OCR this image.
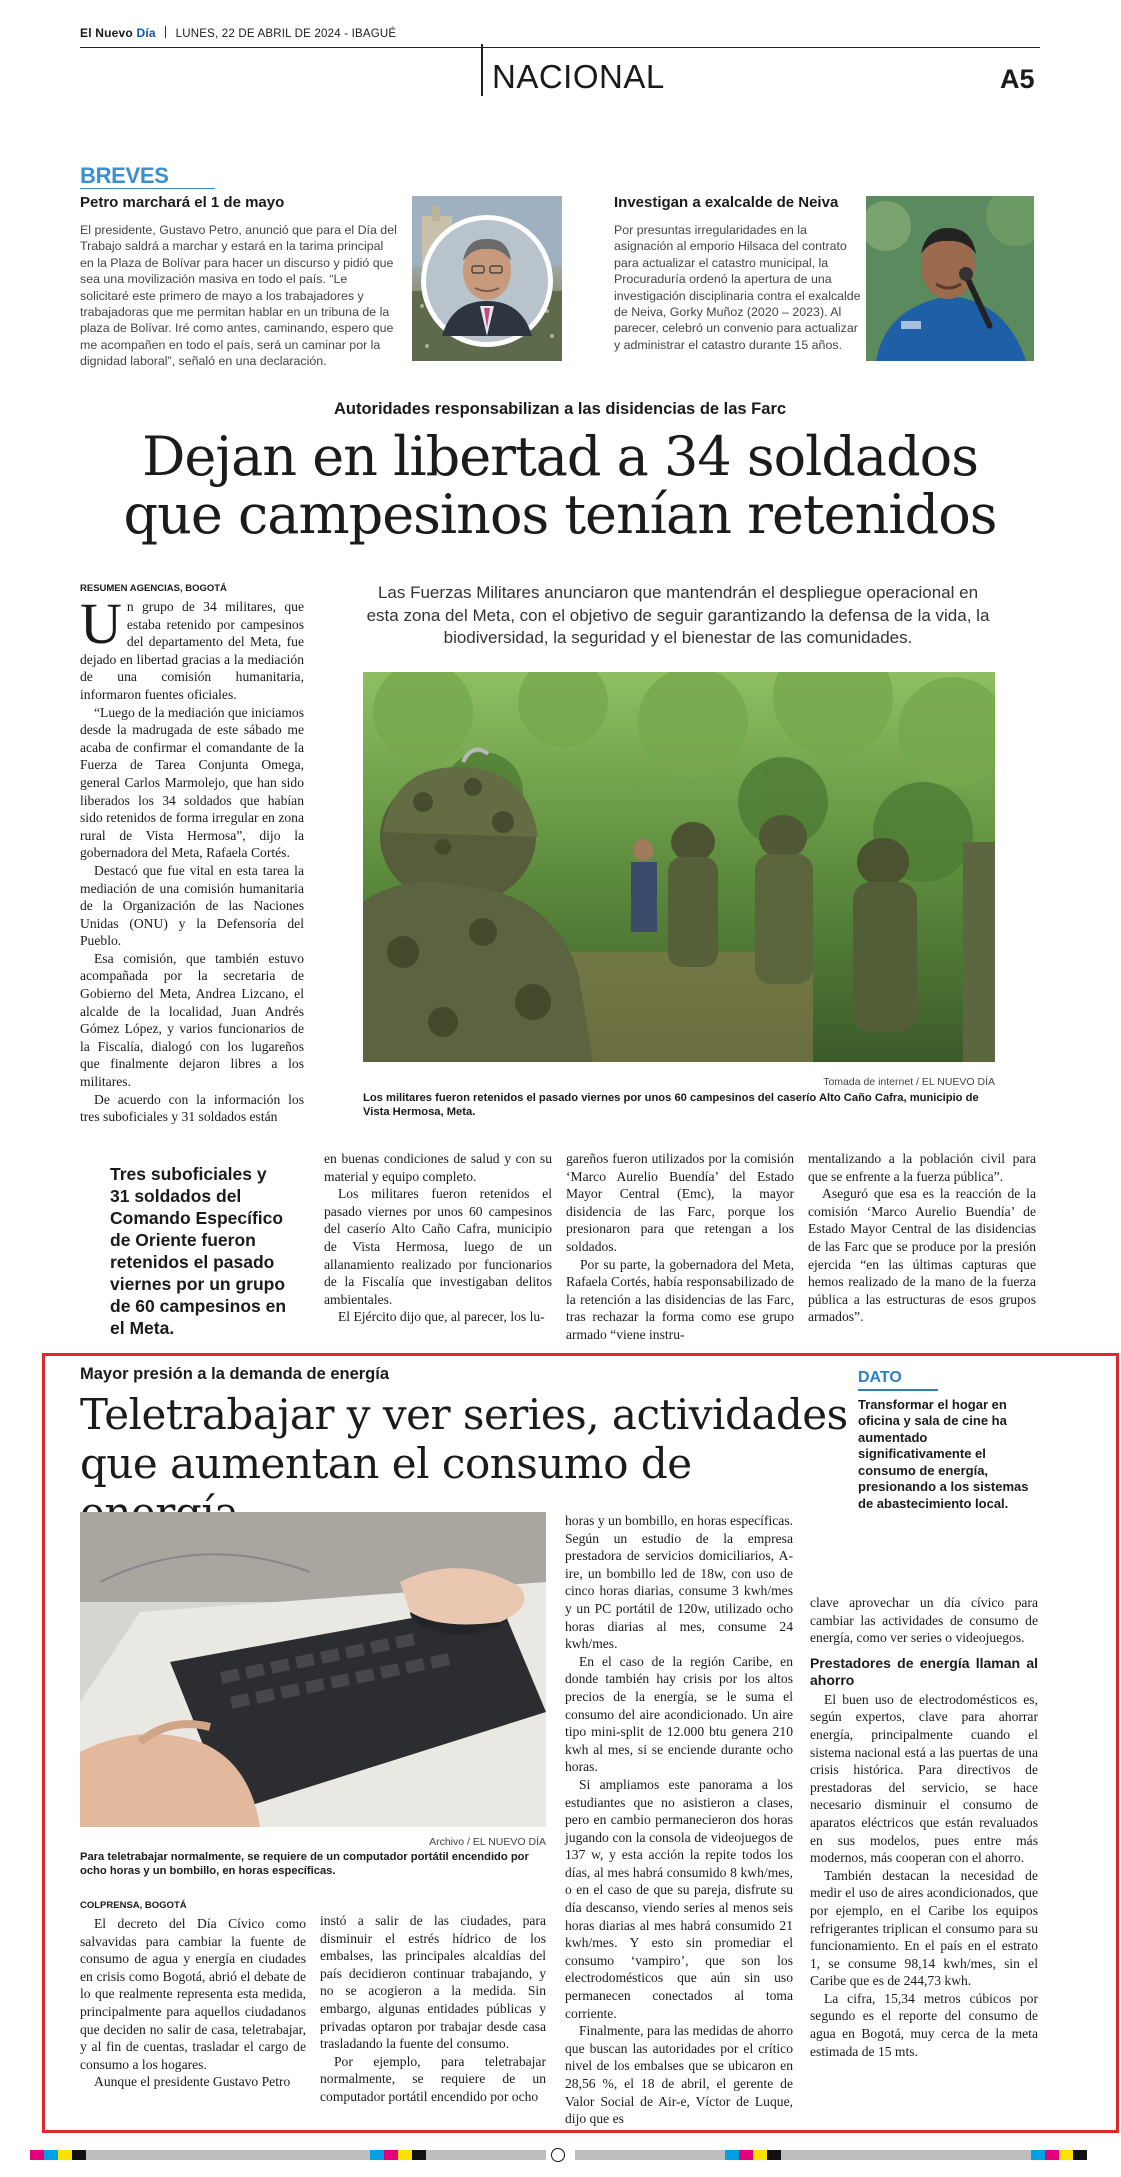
El Nuevo Día LUNES, 22 DE ABRIL DE 2024 - IBAGUÉ
NACIONAL	A5
BREVES
Petro marchará el 1 de mayo
El presidente, Gustavo Petro, anunció que para el Día del Trabajo saldrá a marchar y estará en la tarima principal en la Plaza de Bolívar para hacer un discurso y pidió que sea una movilización masiva en todo el país. “Le solicitaré este primero de mayo a los trabajadores y trabajadoras que me permitan hablar en un tribuna de la plaza de Bolívar. Iré como antes, caminando, espero que me acompañen en todo el país, será un caminar por la dignidad laboral”, señaló en una declaración.
Investigan a exalcalde de Neiva
Por presuntas irregularidades en la asignación al emporio Hilsaca del contrato para actualizar el catastro municipal, la Procuraduría ordenó la apertura de una investigación disciplinaria contra el exalcalde de Neiva, Gorky Muñoz (2020 – 2023). Al parecer, celebró un convenio para actualizar y administrar el catastro durante 15 años.
Autoridades responsabilizan a las disidencias de las Farc
Dejan en libertad a 34 soldados
que campesinos tenían retenidos
RESUMEN AGENCIAS, BOGOTÁ

Un grupo de 34 militares, que estaba retenido por campesinos del departamento del Meta, fue dejado en libertad gracias a la mediación de una comisión humanitaria, informaron fuentes oficiales.

“Luego de la mediación que iniciamos desde la madrugada de este sábado me acaba de confirmar el comandante de la Fuerza de Tarea Conjunta Omega, general Carlos Marmolejo, que han sido liberados los 34 soldados que habían sido retenidos de forma irregular en zona rural de Vista Hermosa”, dijo la gobernadora del Meta, Rafaela Cortés.

Destacó que fue vital en esta tarea la mediación de una comisión humanitaria de la Organización de las Naciones Unidas (ONU) y la Defensoría del Pueblo.

Esa comisión, que también estuvo acompañada por la secretaria de Gobierno del Meta, Andrea Lizcano, el alcalde de la localidad, Juan Andrés Gómez López, y varios funcionarios de la Fiscalía, dialogó con los lugareños que finalmente dejaron libres a los militares.

De acuerdo con la información los tres suboficiales y 31 soldados están

Las Fuerzas Militares anunciaron que mantendrán el despliegue operacional en esta zona del Meta, con el objetivo de seguir garantizando la defensa de la vida, la biodiversidad, la seguridad y el bienestar de las comunidades.
Tomada de internet / EL NUEVO DÍA
Los militares fueron retenidos el pasado viernes por unos 60 campesinos del caserío Alto Caño Cafra, municipio de Vista Hermosa, Meta.
Tres suboficiales y 31 soldados del Comando Específico de Oriente fueron retenidos el pasado viernes por un grupo de 60 campesinos en el Meta.

en buenas condiciones de salud y con su material y equipo completo.

Los militares fueron retenidos el pasado viernes por unos 60 campesinos del caserío Alto Caño Cafra, municipio de Vista Hermosa, luego de un allanamiento realizado por funcionarios de la Fiscalía que investigaban delitos ambientales.

El Ejército dijo que, al parecer, los lu-

gareños fueron utilizados por la comisión ‘Marco Aurelio Buendía’ del Estado Mayor Central (Emc), la mayor disidencia de las Farc, porque los presionaron para que retengan a los soldados.

Por su parte, la gobernadora del Meta, Rafaela Cortés, había responsabilizado de la retención a las disidencias de las Farc, tras rechazar la forma como ese grupo armado “viene instru-

mentalizando a la población civil para que se enfrente a la fuerza pública”.

Aseguró que esa es la reacción de la comisión ‘Marco Aurelio Buendía’ de Estado Mayor Central de las disidencias de las Farc que se produce por la presión ejercida “en las últimas capturas que hemos realizado de la mano de la fuerza pública a las estructuras de esos grupos armados”.

Mayor presión a la demanda de energía
Teletrabajar y ver series, actividades
que aumentan el consumo de
DATO
Transformar el hogar en oficina y sala de cine ha aumentado significativamente el consumo de energía, presionando a los sistemas de abastecimiento local.
Archivo / EL NUEVO DÍA
Para teletrabajar normalmente, se requiere de un computador portátil encendido por ocho horas y un bombillo, en horas específicas.
COLPRENSA, BOGOTÁ

El decreto del Día Cívico como salvavidas para cambiar la fuente de consumo de agua y energía en ciudades en crisis como Bogotá, abrió el debate de lo que realmente representa esta medida, principalmente para aquellos ciudadanos que deciden no salir de casa, teletrabajar, y al fin de cuentas, trasladar el cargo de consumo a los hogares.

Aunque el presidente Gustavo Petro

instó a salir de las ciudades, para disminuir el estrés hídrico de los embalses, las principales alcaldías del país decidieron continuar trabajando, y no se acogieron a la medida. Sin embargo, algunas entidades públicas y privadas optaron por trabajar desde casa trasladando la fuente del consumo.

Por ejemplo, para teletrabajar normalmente, se requiere de un computador portátil encendido por ocho

horas y un bombillo, en horas específicas. Según un estudio de la empresa prestadora de servicios domiciliarios, A-ire, un bombillo led de 18w, con uso de cinco horas diarias, consume 3 kwh/mes y un PC portátil de 120w, utilizado ocho horas diarias al mes, consume 24 kwh/mes.

En el caso de la región Caribe, en donde también hay crisis por los altos precios de la energía, se le suma el consumo del aire acondicionado. Un aire tipo mini-split de 12.000 btu genera 210 kwh al mes, si se enciende durante ocho horas.

Si ampliamos este panorama a los estudiantes que no asistieron a clases, pero en cambio permanecieron dos horas jugando con la consola de videojuegos de 137 w, y esta acción la repite todos los días, al mes habrá consumido 8 kwh/mes, o en el caso de que su pareja, disfrute su día descanso, viendo series al menos seis horas diarias al mes habrá consumido 21 kwh/mes. Y esto sin promediar el consumo ‘vampiro’, que son los electrodomésticos que aún sin uso permanecen conectados al toma corriente.

Finalmente, para las medidas de ahorro que buscan las autoridades por el crítico nivel de los embalses que se ubicaron en 28,56 %, el 18 de abril, el gerente de Valor Social de Air-e, Víctor de Luque, dijo que es

clave aprovechar un día cívico para cambiar las actividades de consumo de energía, como ver series o videojuegos.

Prestadores de energía llaman al ahorro

El buen uso de electrodomésticos es, según expertos, clave para ahorrar energía, principalmente cuando el sistema nacional está a las puertas de una crisis histórica. Para directivos de prestadoras del servicio, se hace necesario disminuir el consumo de aparatos eléctricos que están revaluados en sus modelos, pues entre más modernos, más cooperan con el ahorro.

También destacan la necesidad de medir el uso de aires acondicionados, que por ejemplo, en el Caribe los equipos refrigerantes triplican el consumo para su funcionamiento. En el país en el estrato 1, se consume 98,14 kwh/mes, sin el Caribe que es de 244,73 kwh.

La cifra, 15,34 metros cúbicos por segundo es el reporte del consumo de agua en Bogotá, muy cerca de la meta estimada de 15 mts.
